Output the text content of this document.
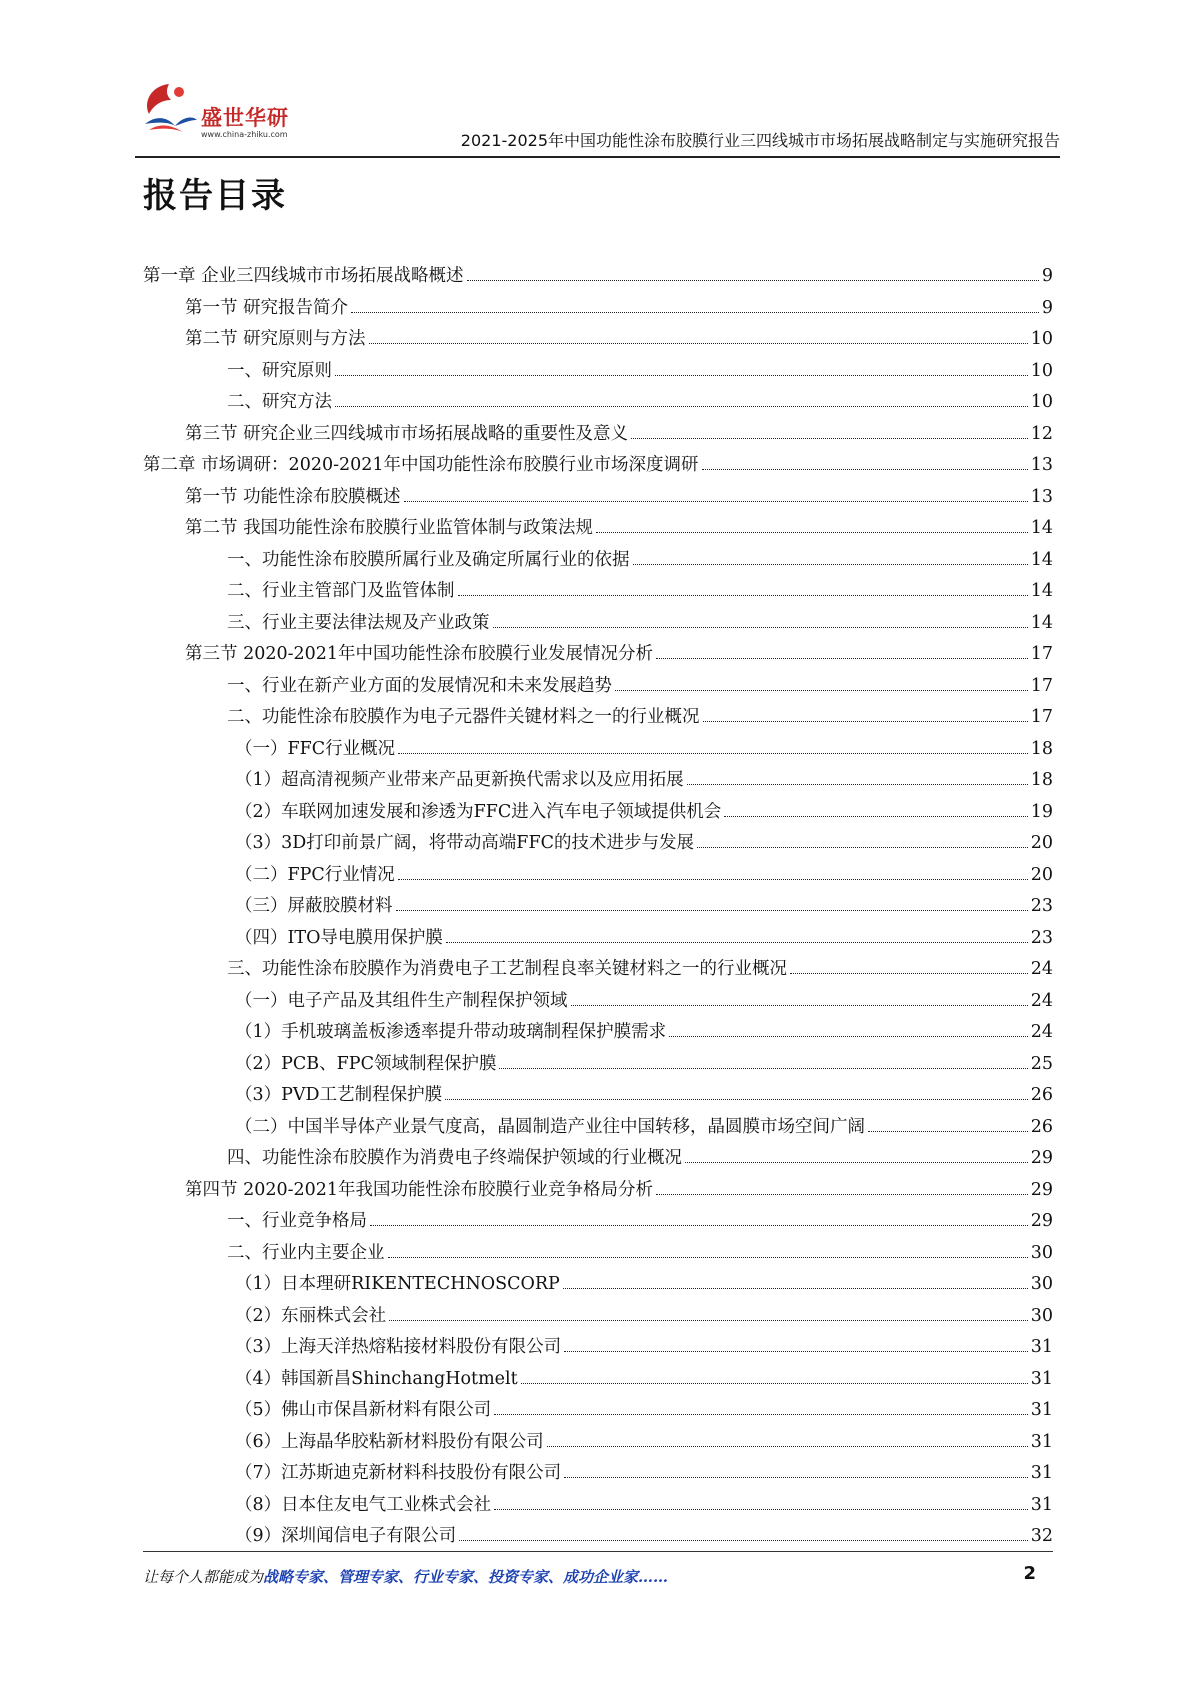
盛世华研
www.china-zhiku.com	2021-2025年中国功能性涂布胶膜行业三四线城市市场拓展战略制定与实施研究报告
报告目录
第一章 企业三四线城市市场拓展战略概述	9
第一节 研究报告简介	9
第二节 研究原则与方法	10
一、研究原则	10
二、研究方法	10
第三节 研究企业三四线城市市场拓展战略的重要性及意义	12
第二章 市场调研：2020-2021年中国功能性涂布胶膜行业市场深度调研	13
第一节 功能性涂布胶膜概述	13
第二节 我国功能性涂布胶膜行业监管体制与政策法规	14
一、功能性涂布胶膜所属行业及确定所属行业的依据	14
二、行业主管部门及监管体制	14
三、行业主要法律法规及产业政策	14
第三节 2020-2021年中国功能性涂布胶膜行业发展情况分析	17
一、行业在新产业方面的发展情况和未来发展趋势	17
二、功能性涂布胶膜作为电子元器件关键材料之一的行业概况	17
（一）FFC行业概况	18
（1）超高清视频产业带来产品更新换代需求以及应用拓展	18
（2）车联网加速发展和渗透为FFC进入汽车电子领域提供机会	19
（3）3D打印前景广阔，将带动高端FFC的技术进步与发展	20
（二）FPC行业情况	20
（三）屏蔽胶膜材料	23
（四）ITO导电膜用保护膜	23
三、功能性涂布胶膜作为消费电子工艺制程良率关键材料之一的行业概况	24
（一）电子产品及其组件生产制程保护领域	24
（1）手机玻璃盖板渗透率提升带动玻璃制程保护膜需求	24
（2）PCB、FPC领域制程保护膜	25
（3）PVD工艺制程保护膜	26
（二）中国半导体产业景气度高，晶圆制造产业往中国转移，晶圆膜市场空间广阔	26
四、功能性涂布胶膜作为消费电子终端保护领域的行业概况	29
第四节 2020-2021年我国功能性涂布胶膜行业竞争格局分析	29
一、行业竞争格局	29
二、行业内主要企业	30
（1）日本理研RIKENTECHNOSCORP	30
（2）东丽株式会社	30
（3）上海天洋热熔粘接材料股份有限公司	31
（4）韩国新昌ShinchangHotmelt	31
（5）佛山市保昌新材料有限公司	31
（6）上海晶华胶粘新材料股份有限公司	31
（7）江苏斯迪克新材料科技股份有限公司	31
（8）日本住友电气工业株式会社	31
（9）深圳闻信电子有限公司	32
让每个人都能成为战略专家、管理专家、行业专家、投资专家、成功企业家……	2
